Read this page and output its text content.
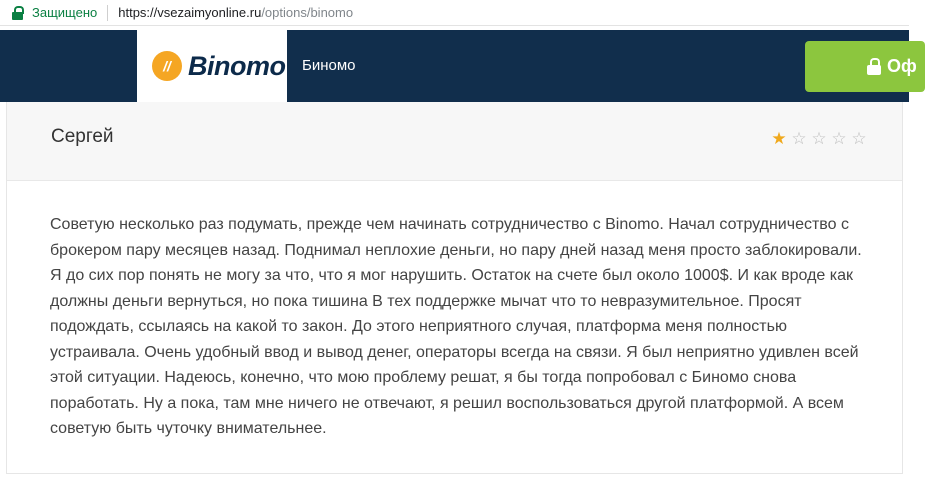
Защищено https://vsezaimyonline.ru/options/binomo
// Binomo Биномо	Оф
Сергей	★ ☆ ☆ ☆ ☆
Советую несколько раз подумать, прежде чем начинать сотрудничество с Binomo. Начал сотрудничество с брокером пару месяцев назад. Поднимал неплохие деньги, но пару дней назад меня просто заблокировали. Я до сих пор понять не могу за что, что я мог нарушить. Остаток на счете был около 1000$. И как вроде как должны деньги вернуться, но пока тишина В тех поддержке мычат что то невразумительное. Просят подождать, ссылаясь на какой то закон. До этого неприятного случая, платформа меня полностью устраивала. Очень удобный ввод и вывод денег, операторы всегда на связи. Я был неприятно удивлен всей этой ситуации. Надеюсь, конечно, что мою проблему решат, я бы тогда попробовал с Биномо снова поработать. Ну а пока, там мне ничего не отвечают, я решил воспользоваться другой платформой. А всем советую быть чуточку внимательнее.
